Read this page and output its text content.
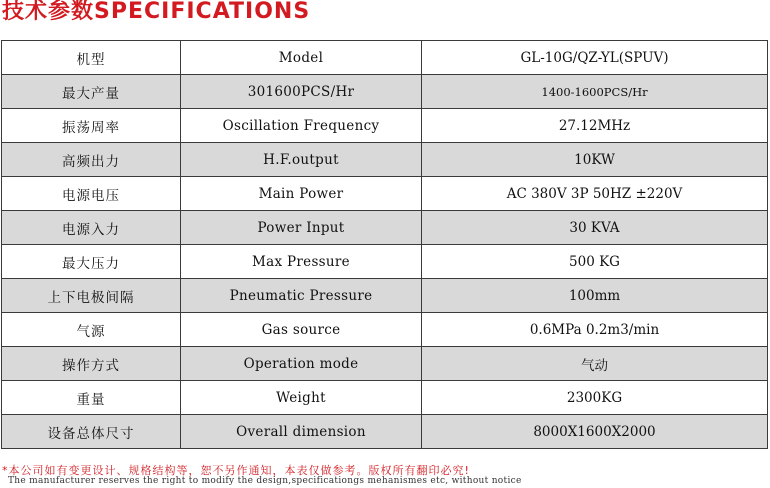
技术参数SPECIFICATIONS
机型	Model	GL-10G/QZ-YL(SPUV)
最大产量	301600PCS/Hr	1400-1600PCS/Hr
振荡周率	Oscillation Frequency	27.12MHz
高频出力	H.F.output	10KW
电源电压	Main Power	AC 380V 3P 50HZ ±220V
电源入力	Power Input	30 KVA
最大压力	Max Pressure	500 KG
上下电极间隔	Pneumatic Pressure	100mm
气源	Gas source	0.6MPa 0.2m3/min
操作方式	Operation mode	气动
重量	Weight	2300KG
设备总体尺寸	Overall dimension	8000X1600X2000

*本公司如有变更设计、规格结构等，恕不另作通知，本表仅做参考。版权所有翻印必究!

The manufacturer reserves the right to modify the design,specificationgs mehanismes etc, without notice
